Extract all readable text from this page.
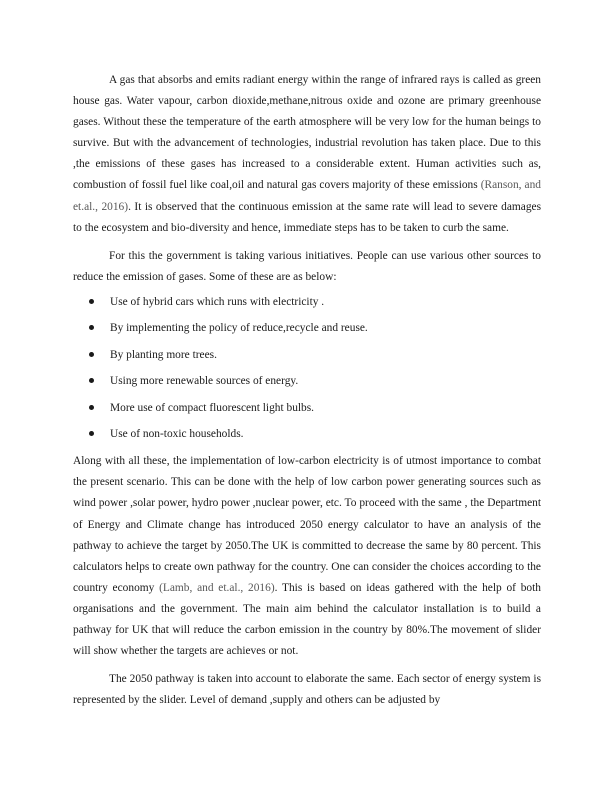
A gas that absorbs and emits radiant energy within the range of infrared rays is called as green house gas. Water vapour, carbon dioxide,methane,nitrous oxide and ozone are primary greenhouse gases. Without these the temperature of the earth atmosphere will be very low for the human beings to survive. But with the advancement of technologies, industrial revolution has taken place. Due to this ,the emissions of these gases has increased to a considerable extent. Human activities such as, combustion of fossil fuel like coal,oil and natural gas covers majority of these emissions (Ranson, and et.al., 2016). It is observed that the continuous emission at the same rate will lead to severe damages to the ecosystem and bio-diversity and hence, immediate steps has to be taken to curb the same.

For this the government is taking various initiatives. People can use various other sources to reduce the emission of gases. Some of these are as below:

Use of hybrid cars which runs with electricity .
By implementing the policy of reduce,recycle and reuse.
By planting more trees.
Using more renewable sources of energy.
More use of compact fluorescent light bulbs.
Use of non-toxic households.

Along with all these, the implementation of low-carbon electricity is of utmost importance to combat the present scenario. This can be done with the help of low carbon power generating sources such as wind power ,solar power, hydro power ,nuclear power, etc. To proceed with the same , the Department of Energy and Climate change has introduced 2050 energy calculator to have an analysis of the pathway to achieve the target by 2050.The UK is committed to decrease the same by 80 percent. This calculators helps to create own pathway for the country. One can consider the choices according to the country economy (Lamb, and et.al., 2016). This is based on ideas gathered with the help of both organisations and the government. The main aim behind the calculator installation is to build a pathway for UK that will reduce the carbon emission in the country by 80%.The movement of slider will show whether the targets are achieves or not.

The 2050 pathway is taken into account to elaborate the same. Each sector of energy system is represented by the slider. Level of demand ,supply and others can be adjusted by
